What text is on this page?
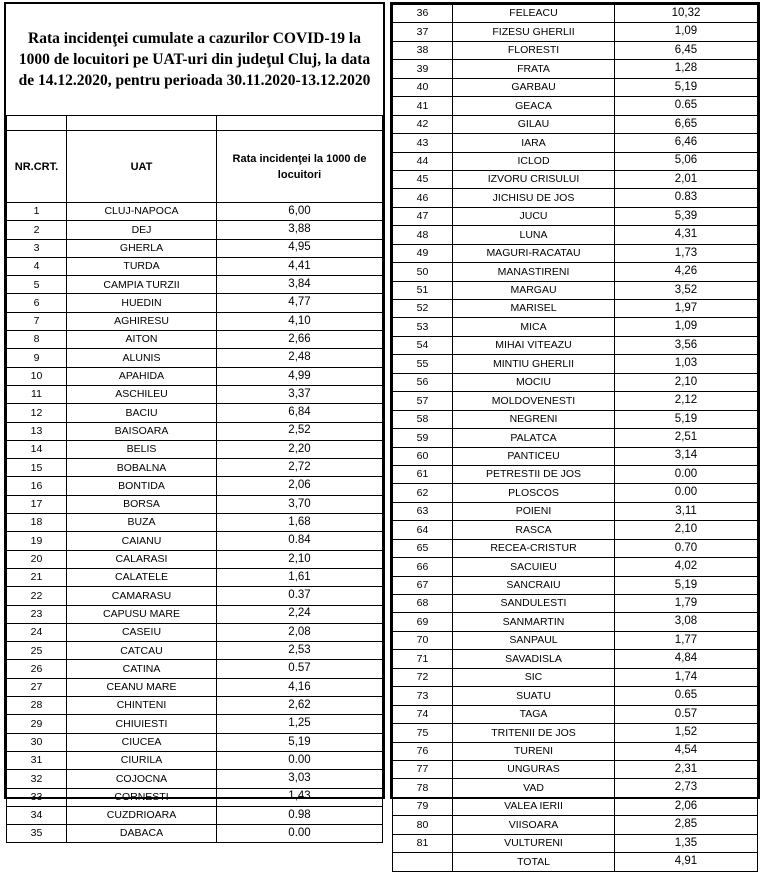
Rata incidenţei cumulate a cazurilor COVID-19 la 1000 de locuitori pe UAT-uri din judeţul Cluj, la data de 14.12.2020, pentru perioada 30.11.2020-13.12.2020

NR.CRT.	UAT	Rata incidenţei la 1000 de locuitori
1	CLUJ-NAPOCA	6,00
2	DEJ	3,88
3	GHERLA	4,95
4	TURDA	4,41
5	CAMPIA TURZII	3,84
6	HUEDIN	4,77
7	AGHIRESU	4,10
8	AITON	2,66
9	ALUNIS	2,48
10	APAHIDA	4,99
11	ASCHILEU	3,37
12	BACIU	6,84
13	BAISOARA	2,52
14	BELIS	2,20
15	BOBALNA	2,72
16	BONTIDA	2,06
17	BORSA	3,70
18	BUZA	1,68
19	CAIANU	0.84
20	CALARASI	2,10
21	CALATELE	1,61
22	CAMARASU	0.37
23	CAPUSU MARE	2,24
24	CASEIU	2,08
25	CATCAU	2,53
26	CATINA	0.57
27	CEANU MARE	4,16
28	CHINTENI	2,62
29	CHIUIESTI	1,25
30	CIUCEA	5,19
31	CIURILA	0.00
32	COJOCNA	3,03
33	CORNESTI	1,43
34	CUZDRIOARA	0.98
35	DABACA	0.00
36	FELEACU	10,32
37	FIZESU GHERLII	1,09
38	FLORESTI	6,45
39	FRATA	1,28
40	GARBAU	5,19
41	GEACA	0.65
42	GILAU	6,65
43	IARA	6,46
44	ICLOD	5,06
45	IZVORU CRISULUI	2,01
46	JICHISU DE JOS	0.83
47	JUCU	5,39
48	LUNA	4,31
49	MAGURI-RACATAU	1,73
50	MANASTIRENI	4,26
51	MARGAU	3,52
52	MARISEL	1,97
53	MICA	1,09
54	MIHAI VITEAZU	3,56
55	MINTIU GHERLII	1,03
56	MOCIU	2,10
57	MOLDOVENESTI	2,12
58	NEGRENI	5,19
59	PALATCA	2,51
60	PANTICEU	3,14
61	PETRESTII DE JOS	0.00
62	PLOSCOS	0.00
63	POIENI	3,11
64	RASCA	2,10
65	RECEA-CRISTUR	0.70
66	SACUIEU	4,02
67	SANCRAIU	5,19
68	SANDULESTI	1,79
69	SANMARTIN	3,08
70	SANPAUL	1,77
71	SAVADISLA	4,84
72	SIC	1,74
73	SUATU	0.65
74	TAGA	0.57
75	TRITENII DE JOS	1,52
76	TURENI	4,54
77	UNGURAS	2,31
78	VAD	2,73
79	VALEA IERII	2,06
80	VIISOARA	2,85
81	VULTURENI	1,35
	TOTAL	4,91
